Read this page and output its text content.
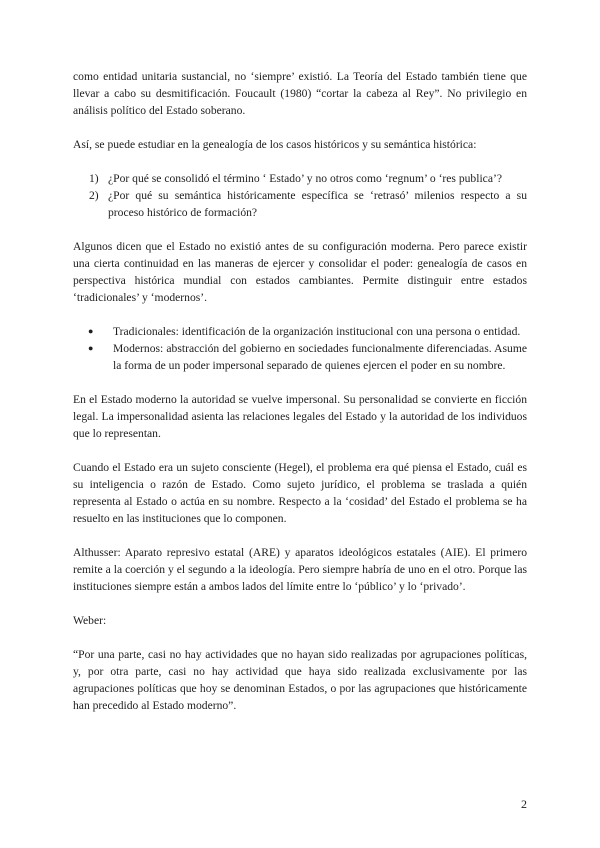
como entidad unitaria sustancial, no ‘siempre’ existió. La Teoría del Estado también tiene que llevar a cabo su desmitificación. Foucault (1980) “cortar la cabeza al Rey”. No privilegio en análisis político del Estado soberano.

Así, se puede estudiar en la genealogía de los casos históricos y su semántica histórica:

1) ¿Por qué se consolidó el término ‘ Estado’ y no otros como ‘regnum’ o ‘res publica’?
2) ¿Por qué su semántica históricamente específica se ‘retrasó’ milenios respecto a su proceso histórico de formación?

Algunos dicen que el Estado no existió antes de su configuración moderna. Pero parece existir una cierta continuidad en las maneras de ejercer y consolidar el poder: genealogía de casos en perspectiva histórica mundial con estados cambiantes. Permite distinguir entre estados ‘tradicionales’ y ‘modernos’.

● Tradicionales: identificación de la organización institucional con una persona o entidad.
● Modernos: abstracción del gobierno en sociedades funcionalmente diferenciadas. Asume la forma de un poder impersonal separado de quienes ejercen el poder en su nombre.

En el Estado moderno la autoridad se vuelve impersonal. Su personalidad se convierte en ficción legal. La impersonalidad asienta las relaciones legales del Estado y la autoridad de los individuos que lo representan.

Cuando el Estado era un sujeto consciente (Hegel), el problema era qué piensa el Estado, cuál es su inteligencia o razón de Estado. Como sujeto jurídico, el problema se traslada a quién representa al Estado o actúa en su nombre. Respecto a la ‘cosidad’ del Estado el problema se ha resuelto en las instituciones que lo componen.

Althusser: Aparato represivo estatal (ARE) y aparatos ideológicos estatales (AIE). El primero remite a la coerción y el segundo a la ideología. Pero siempre habría de uno en el otro. Porque las instituciones siempre están a ambos lados del límite entre lo ‘público’ y lo ‘privado’.

Weber:

“Por una parte, casi no hay actividades que no hayan sido realizadas por agrupaciones políticas, y, por otra parte, casi no hay actividad que haya sido realizada exclusivamente por las agrupaciones políticas que hoy se denominan Estados, o por las agrupaciones que históricamente han precedido al Estado moderno”.

2
